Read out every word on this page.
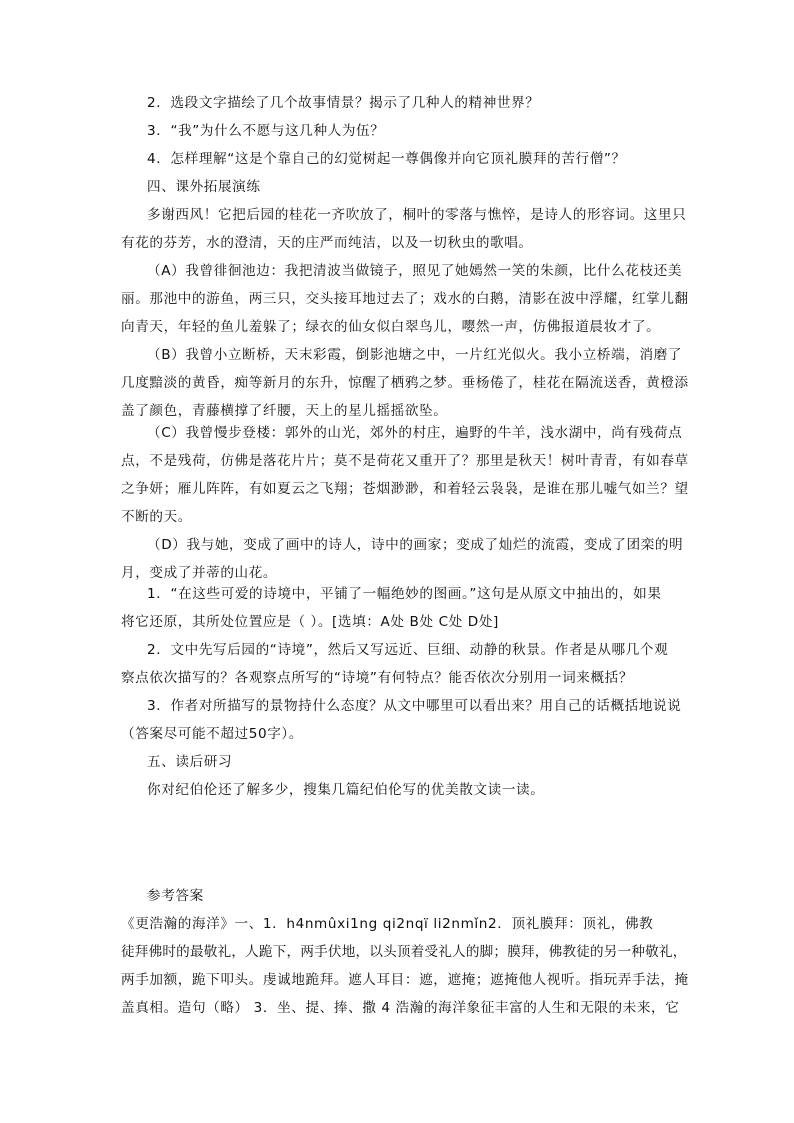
2．选段文字描绘了几个故事情景？揭示了几种人的精神世界？
3．“我”为什么不愿与这几种人为伍？
4．怎样理解“这是个靠自己的幻觉树起一尊偶像并向它顶礼膜拜的苦行僧”？
四、课外拓展演练
多谢西风！它把后园的桂花一齐吹放了，桐叶的零落与憔悴，是诗人的形容词。这里只
有花的芬芳，水的澄清，天的庄严而纯洁，以及一切秋虫的歌唱。
（A）我曾徘徊池边：我把清波当做镜子，照见了她嫣然一笑的朱颜，比什么花枝还美
丽。那池中的游鱼，两三只，交头接耳地过去了；戏水的白鹅，清影在波中浮耀，红掌儿翻
向青天，年轻的鱼儿羞躲了；绿衣的仙女似白翠鸟儿，嘤然一声，仿佛报道晨妆才了。
（B）我曾小立断桥，天末彩霞，倒影池塘之中，一片红光似火。我小立桥端，消磨了
几度黯淡的黄昏，痴等新月的东升，惊醒了栖鸦之梦。垂杨倦了，桂花在隔流送香，黄橙添
盖了颜色，青藤横撑了纤腰，天上的星儿摇摇欲坠。
（C）我曾慢步登楼：郭外的山光，郊外的村庄，遍野的牛羊，浅水湖中，尚有残荷点
点，不是残荷，仿佛是落花片片；莫不是荷花又重开了？那里是秋天！树叶青青，有如春草
之争妍；雁儿阵阵，有如夏云之飞翔；苍烟渺渺，和着轻云袅袅，是谁在那儿嘘气如兰？望
不断的天。
（D）我与她，变成了画中的诗人，诗中的画家；变成了灿烂的流霞，变成了团栾的明
月，变成了并蒂的山花。
1．“在这些可爱的诗境中，平铺了一幅绝妙的图画。”这句是从原文中抽出的，如果
将它还原，其所处位置应是（ ）。[选填：A处 B处 C处 D处]
2．文中先写后园的“诗境”，然后又写远近、巨细、动静的秋景。作者是从哪几个观
察点依次描写的？各观察点所写的“诗境”有何特点？能否依次分别用一词来概括？
3．作者对所描写的景物持什么态度？从文中哪里可以看出来？用自己的话概括地说说
（答案尽可能不超过50字）。
五、读后研习
你对纪伯伦还了解多少，搜集几篇纪伯伦写的优美散文读一读。
参考答案
《更浩瀚的海洋》一、1．h4nmûxi1ng qi2nqï li2nmǐn2．顶礼膜拜：顶礼，佛教
徒拜佛时的最敬礼，人跪下，两手伏地，以头顶着受礼人的脚；膜拜，佛教徒的另一种敬礼，
两手加额，跪下叩头。虔诚地跪拜。遮人耳目：遮，遮掩；遮掩他人视听。指玩弄手法，掩
盖真相。造句（略） 3．坐、提、捧、撒 4 浩瀚的海洋象征丰富的人生和无限的未来，它
